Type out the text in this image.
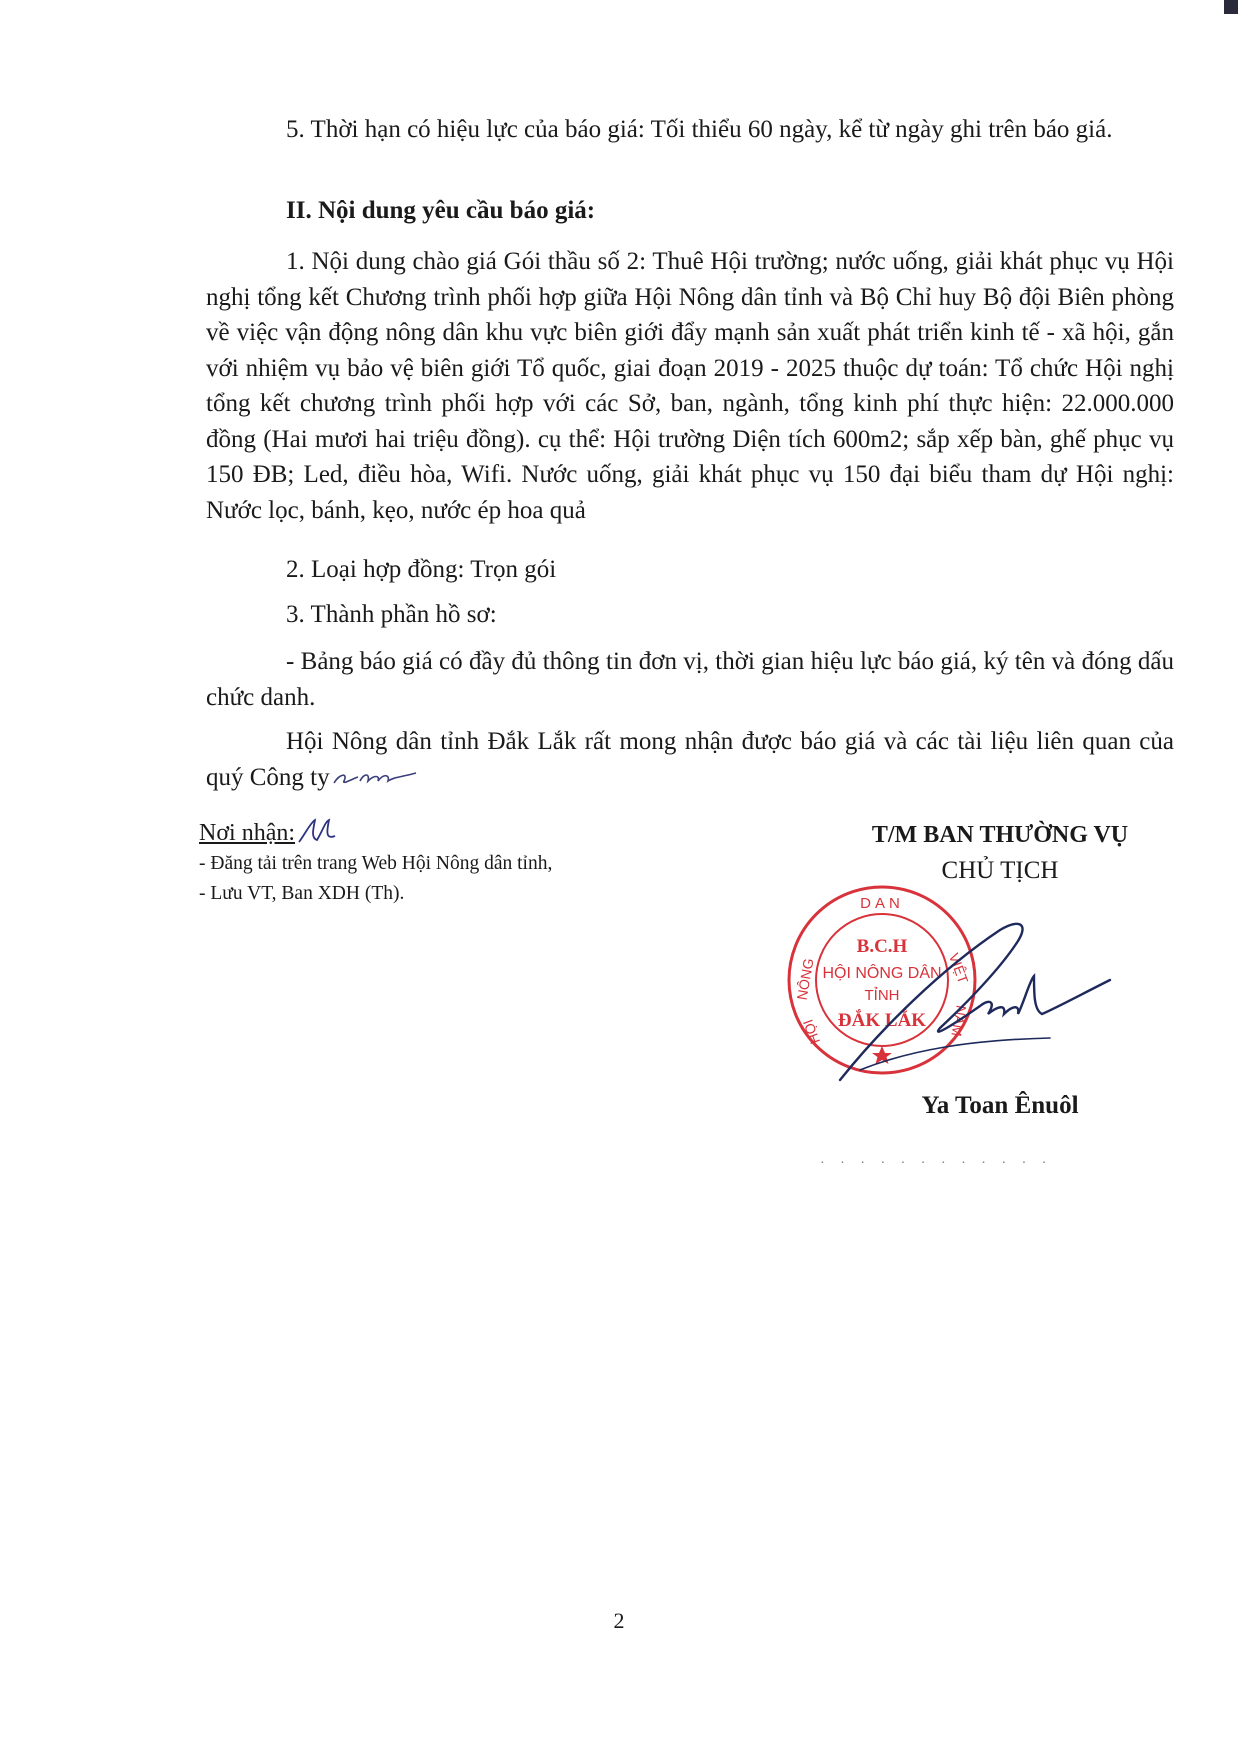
5. Thời hạn có hiệu lực của báo giá: Tối thiểu 60 ngày, kể từ ngày ghi trên báo giá.

II. Nội dung yêu cầu báo giá:

1. Nội dung chào giá Gói thầu số 2: Thuê Hội trường; nước uống, giải khát phục vụ Hội nghị tổng kết Chương trình phối hợp giữa Hội Nông dân tỉnh và Bộ Chỉ huy Bộ đội Biên phòng về việc vận động nông dân khu vực biên giới đẩy mạnh sản xuất phát triển kinh tế - xã hội, gắn với nhiệm vụ bảo vệ biên giới Tổ quốc, giai đoạn 2019 - 2025 thuộc dự toán: Tổ chức Hội nghị tổng kết chương trình phối hợp với các Sở, ban, ngành, tổng kinh phí thực hiện: 22.000.000 đồng (Hai mươi hai triệu đồng). cụ thể: Hội trường Diện tích 600m2; sắp xếp bàn, ghế phục vụ 150 ĐB; Led, điều hòa, Wifi. Nước uống, giải khát phục vụ 150 đại biểu tham dự Hội nghị: Nước lọc, bánh, kẹo, nước ép hoa quả

2. Loại hợp đồng: Trọn gói

3. Thành phần hồ sơ:

- Bảng báo giá có đầy đủ thông tin đơn vị, thời gian hiệu lực báo giá, ký tên và đóng dấu chức danh.

Hội Nông dân tỉnh Đắk Lắk rất mong nhận được báo giá và các tài liệu liên quan của quý Công ty

Nơi nhận:
- Đăng tải trên trang Web Hội Nông dân tỉnh,
- Lưu VT, Ban XDH (Th).
T/M BAN THƯỜNG VỤ
CHỦ TỊCH
DAN
NÔNG	VIỆT
NAM
HỘI
B.C.H
HỘI NÔNG DÂN
TỈNH
ĐẮK LẮK
Ya Toan Ênuôl
· · · · · · · · · · · ·
2
